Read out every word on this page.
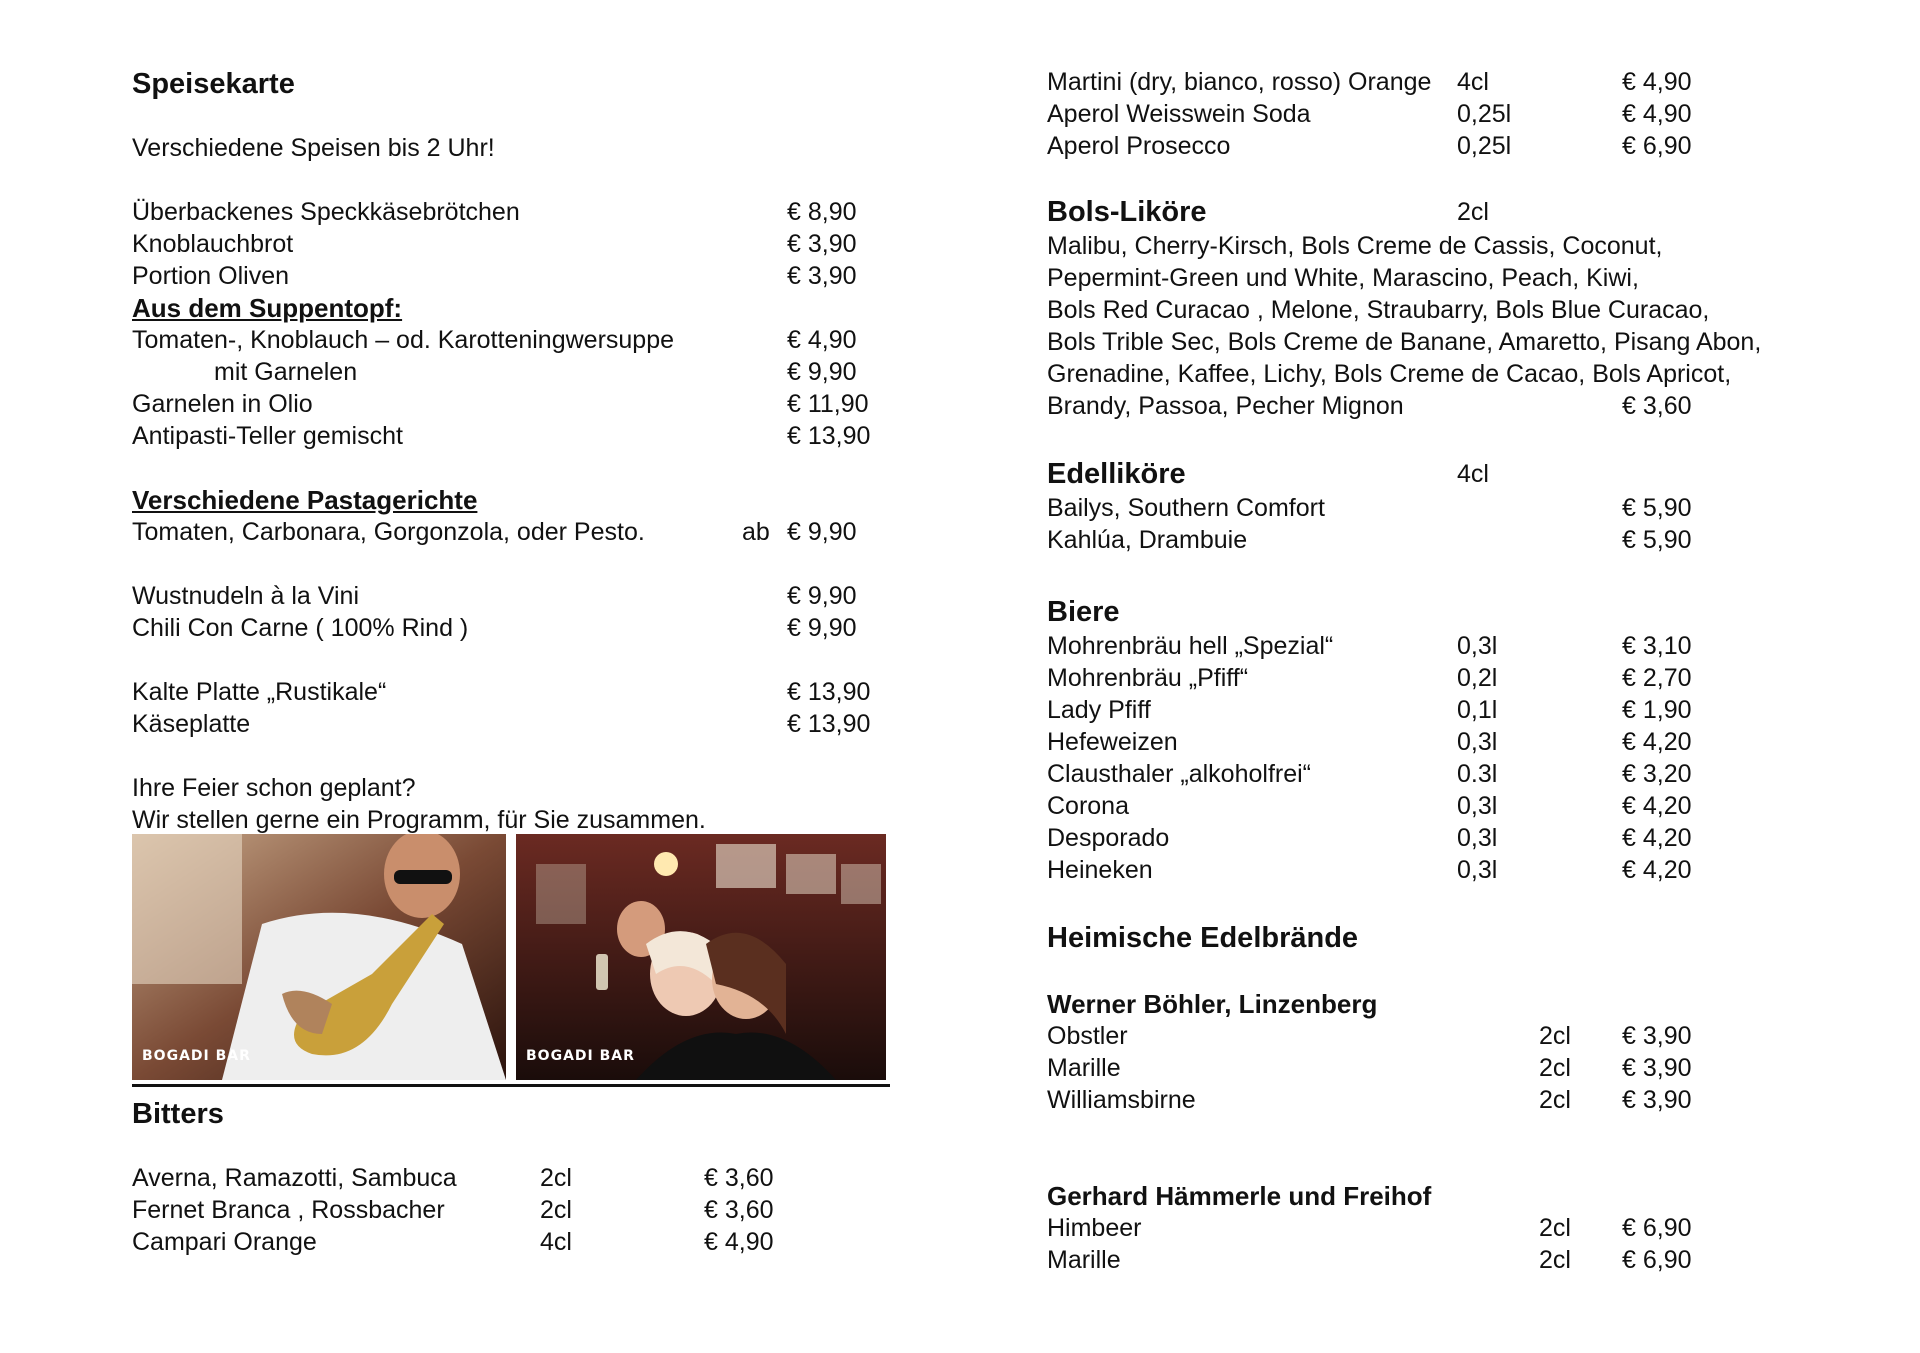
Speisekarte
Verschiedene Speisen bis 2 Uhr!
Überbackenes Speckkäsebrötchen	€ 8,90
Knoblauchbrot	€ 3,90
Portion Oliven	€ 3,90
Aus dem Suppentopf:
Tomaten-, Knoblauch – od. Karotteningwersuppe	€ 4,90
mit Garnelen	€ 9,90
Garnelen in Olio	€ 11,90
Antipasti-Teller gemischt	€ 13,90
Verschiedene Pastagerichte
Tomaten, Carbonara, Gorgonzola, oder Pesto.	ab € 9,90
Wustnudeln à la Vini	€ 9,90
Chili Con Carne ( 100% Rind )	€ 9,90
Kalte Platte „Rustikale“	€ 13,90
Käseplatte	€ 13,90
Ihre Feier schon geplant?
Wir stellen gerne ein Programm, für Sie zusammen.
BOGADI BAR	BOGADI BAR
Bitters
Averna, Ramazotti, Sambuca	2cl	€ 3,60
Fernet Branca , Rossbacher	2cl	€ 3,60
Campari Orange	4cl	€ 4,90
Martini (dry, bianco, rosso) Orange 4cl	€ 4,90
Aperol Weisswein Soda	0,25l	€ 4,90
Aperol Prosecco	0,25l	€ 6,90
Bols-Liköre	2cl
Malibu, Cherry-Kirsch, Bols Creme de Cassis, Coconut,
Pepermint-Green und White, Marascino, Peach, Kiwi,
Bols Red Curacao , Melone, Straubarry, Bols Blue Curacao,
Bols Trible Sec, Bols Creme de Banane, Amaretto, Pisang Abon,
Grenadine, Kaffee, Lichy, Bols Creme de Cacao, Bols Apricot,
Brandy, Passoa, Pecher Mignon	€ 3,60
Edelliköre	4cl
Bailys, Southern Comfort	€ 5,90
Kahlúa, Drambuie	€ 5,90
Biere
Mohrenbräu hell „Spezial“	0,3l	€ 3,10
Mohrenbräu „Pfiff“	0,2l	€ 2,70
Lady Pfiff	0,1l	€ 1,90
Hefeweizen	0,3l	€ 4,20
Clausthaler „alkoholfrei“	0.3l	€ 3,20
Corona	0,3l	€ 4,20
Desporado	0,3l	€ 4,20
Heineken	0,3l	€ 4,20
Heimische Edelbrände
Werner Böhler, Linzenberg
Obstler	2cl € 3,90
Marille	2cl € 3,90
Williamsbirne	2cl € 3,90
Gerhard Hämmerle und Freihof
Himbeer	2cl € 6,90
Marille	2cl € 6,90
